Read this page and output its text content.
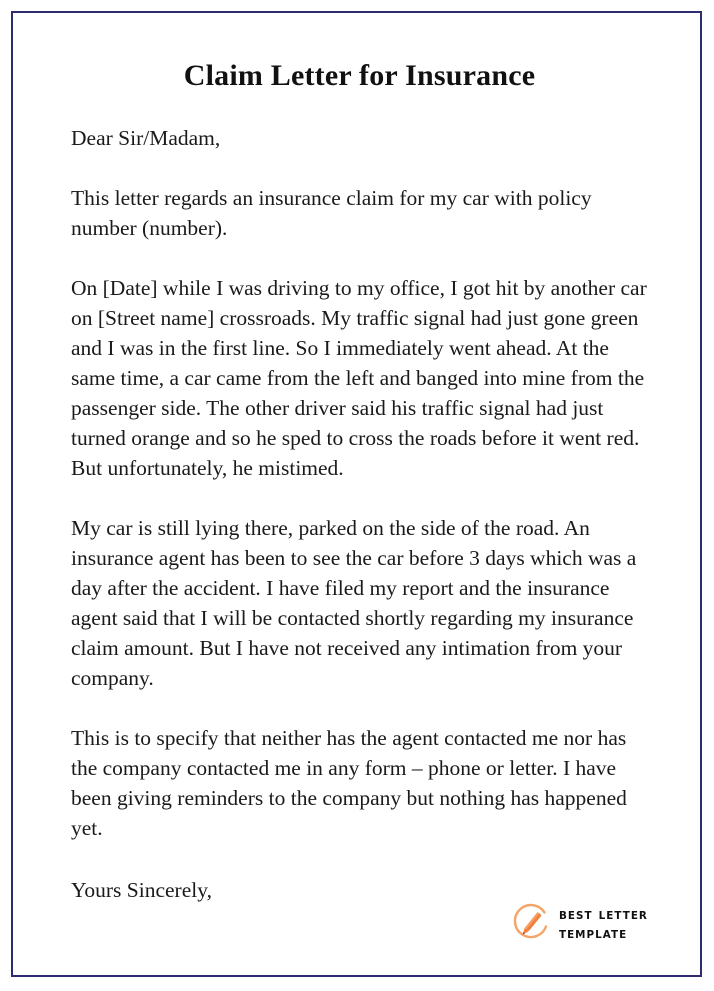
Claim Letter for Insurance

Dear Sir/Madam,

This letter regards an insurance claim for my car with policy number (number).

On [Date] while I was driving to my office, I got hit by another car on [Street name] crossroads. My traffic signal had just gone green and I was in the first line. So I immediately went ahead. At the same time, a car came from the left and banged into mine from the passenger side. The other driver said his traffic signal had just turned orange and so he sped to cross the roads before it went red. But unfortunately, he mistimed.

My car is still lying there, parked on the side of the road. An insurance agent has been to see the car before 3 days which was a day after the accident. I have filed my report and the insurance agent said that I will be contacted shortly regarding my insurance claim amount. But I have not received any intimation from your company.

This is to specify that neither has the agent contacted me nor has the company contacted me in any form – phone or letter. I have been giving reminders to the company but nothing has happened yet.

Yours Sincerely,

best letter
template
